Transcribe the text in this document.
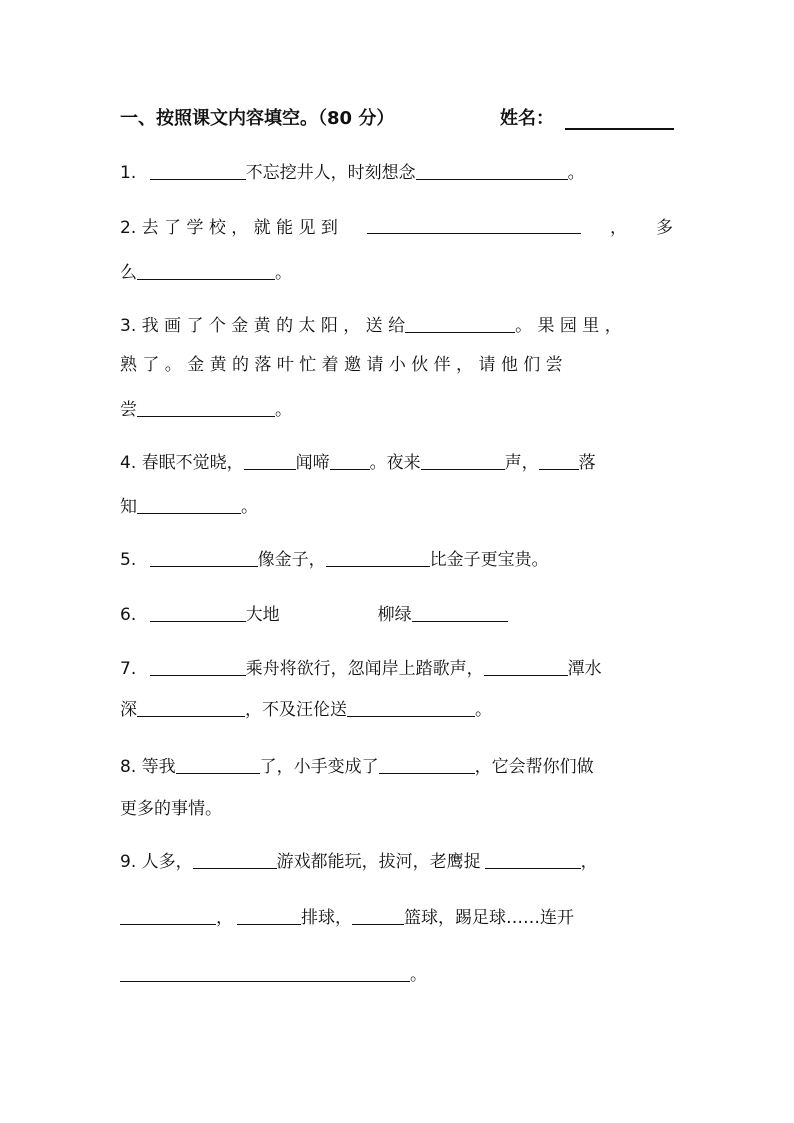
一、按照课文内容填空。（80 分）	姓名：
1.	不忘挖井人，时刻想念	。
2. 去 了 学 校 ， 就 能 见 到	， 多
么	。
3. 我 画 了 个 金 黄 的 太 阳 ， 送 给	。 果 园 里 ，
熟 了 。 金 黄 的 落 叶 忙 着 邀 请 小 伙 伴 ， 请 他 们 尝
尝	。
4. 春眠不觉晓，	闻啼 。夜来	声， 落
知	。
5.	像金子，	比金子更宝贵。
6.	大地	柳绿
7.	乘舟将欲行，忽闻岸上踏歌声，	潭水
深	，不及汪伦送	。
8. 等我	了，小手变成了	，它会帮你们做
更多的事情。
9. 人多，	游戏都能玩，拔河，老鹰捉	，
，	排球，	篮球，踢足球……连开
。
